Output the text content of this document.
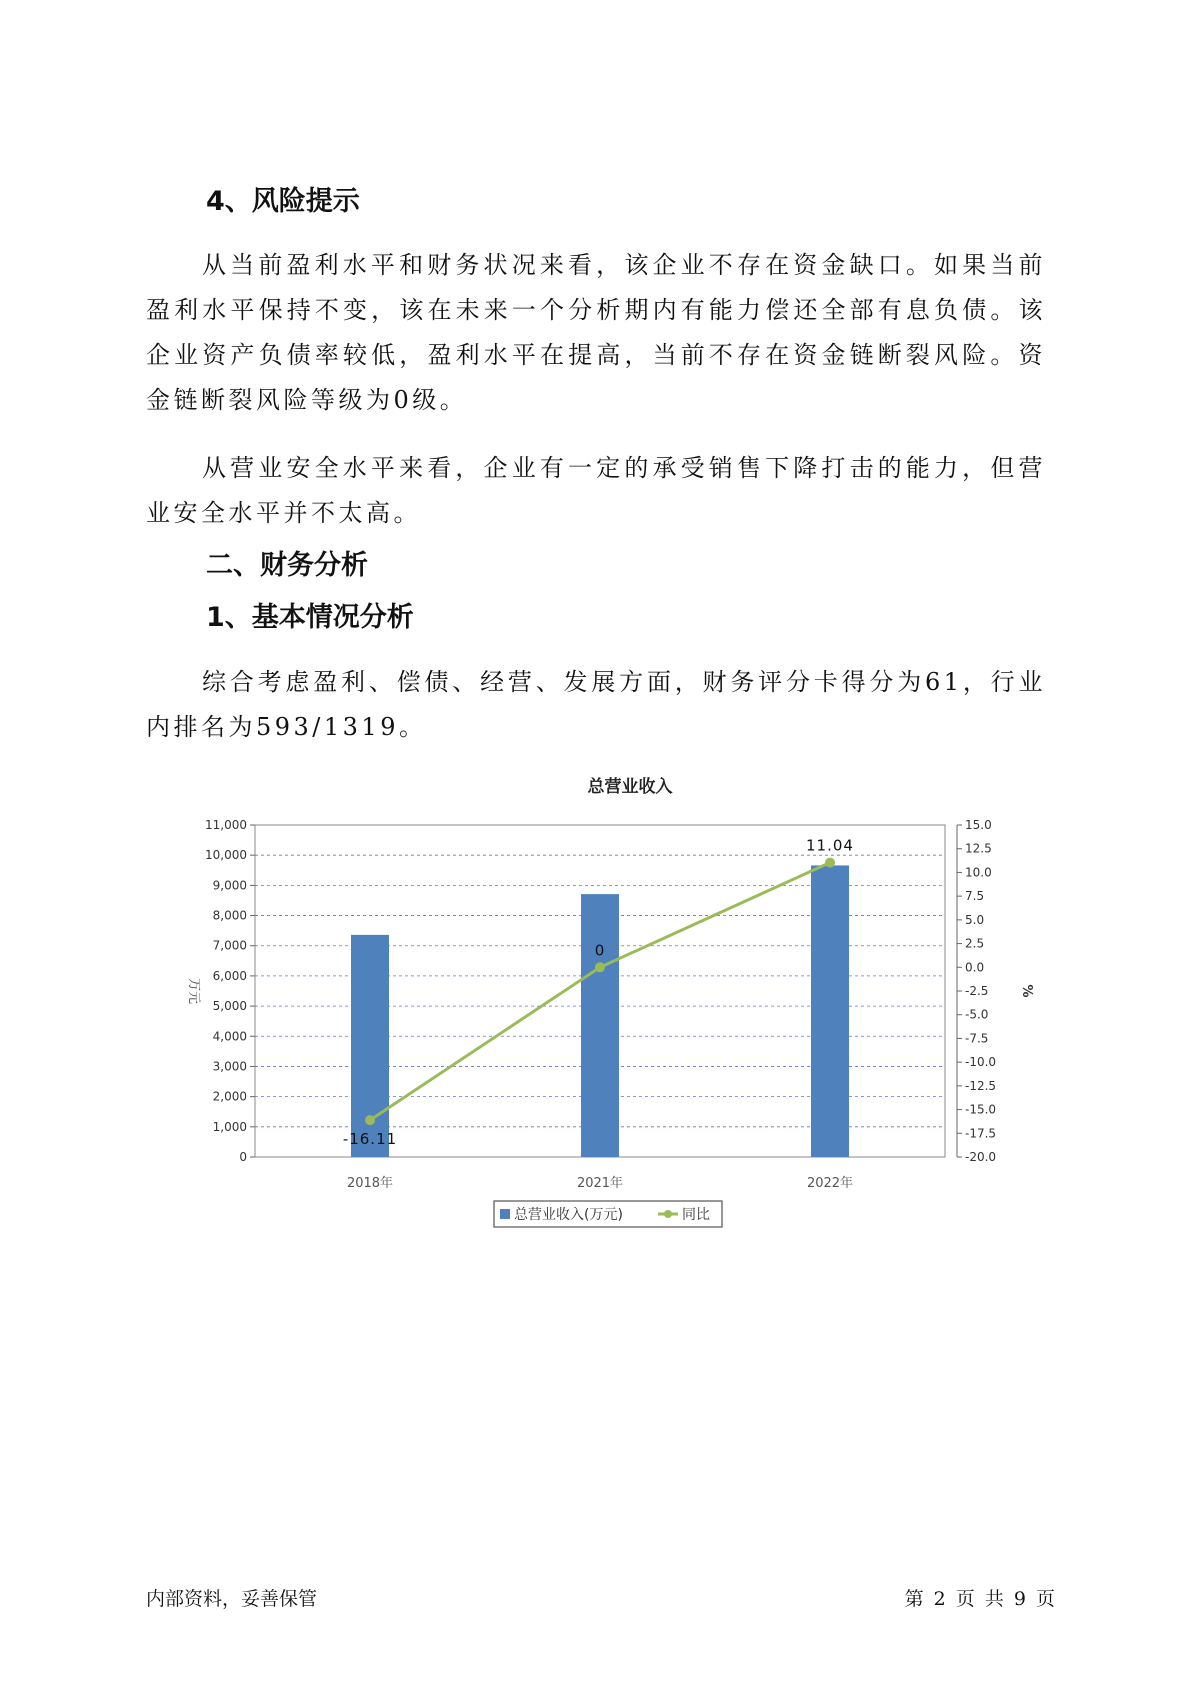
4、风险提示

从当前盈利水平和财务状况来看，该企业不存在资金缺口。如果当前盈利水平保持不变，该在未来一个分析期内有能力偿还全部有息负债。该企业资产负债率较低，盈利水平在提高，当前不存在资金链断裂风险。资金链断裂风险等级为0级。

从营业安全水平来看，企业有一定的承受销售下降打击的能力，但营业安全水平并不太高。

二、财务分析
1、基本情况分析

综合考虑盈利、偿债、经营、发展方面，财务评分卡得分为61，行业内排名为593/1319。

总营业收入
0
1,000
2,000
3,000
4,000
5,000
6,000
7,000
8,000
9,000
10,000
11,000
-20.0
-17.5
-15.0
-12.5
-10.0
-7.5
-5.0
-2.5
0.0
2.5
5.0
7.5
10.0
12.5
15.0
万元	%
2018年	2021年	2022年
-16.11
0
11.04
总营业收入(万元)	同比
内部资料，妥善保管	第 2 页 共 9 页
